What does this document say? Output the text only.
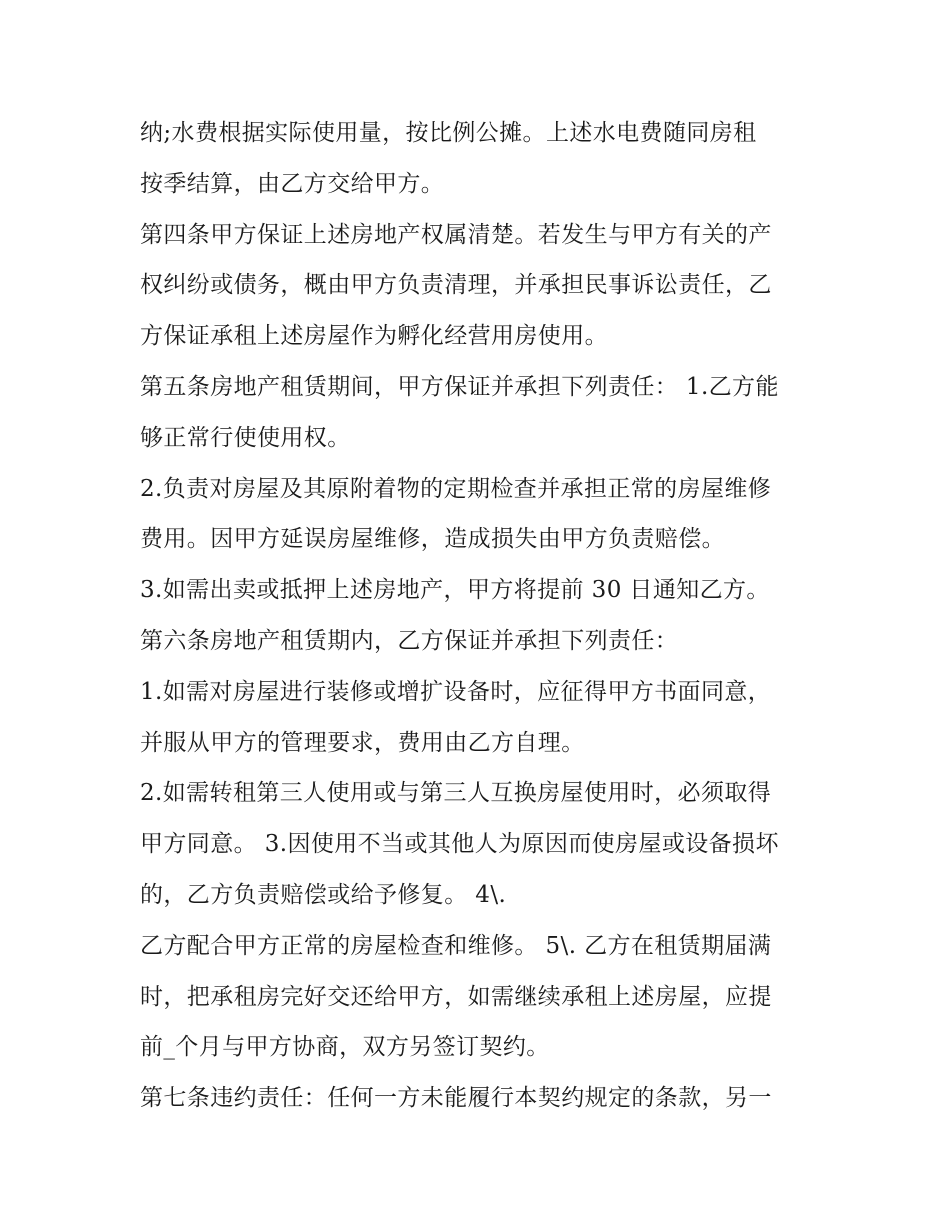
纳;水费根据实际使用量，按比例公摊。上述水电费随同房租
按季结算，由乙方交给甲方。
第四条甲方保证上述房地产权属清楚。若发生与甲方有关的产
权纠纷或债务，概由甲方负责清理，并承担民事诉讼责任，乙
方保证承租上述房屋作为孵化经营用房使用。
第五条房地产租赁期间，甲方保证并承担下列责任： 1.乙方能
够正常行使使用权。
2.负责对房屋及其原附着物的定期检查并承担正常的房屋维修
费用。因甲方延误房屋维修，造成损失由甲方负责赔偿。
3.如需出卖或抵押上述房地产，甲方将提前 30 日通知乙方。
第六条房地产租赁期内，乙方保证并承担下列责任：
1.如需对房屋进行装修或增扩设备时，应征得甲方书面同意，
并服从甲方的管理要求，费用由乙方自理。
2.如需转租第三人使用或与第三人互换房屋使用时，必须取得
甲方同意。 3.因使用不当或其他人为原因而使房屋或设备损坏
的，乙方负责赔偿或给予修复。 4\.
乙方配合甲方正常的房屋检查和维修。 5\. 乙方在租赁期届满
时，把承租房完好交还给甲方，如需继续承租上述房屋，应提
前_个月与甲方协商，双方另签订契约。
第七条违约责任：任何一方未能履行本契约规定的条款，另一
